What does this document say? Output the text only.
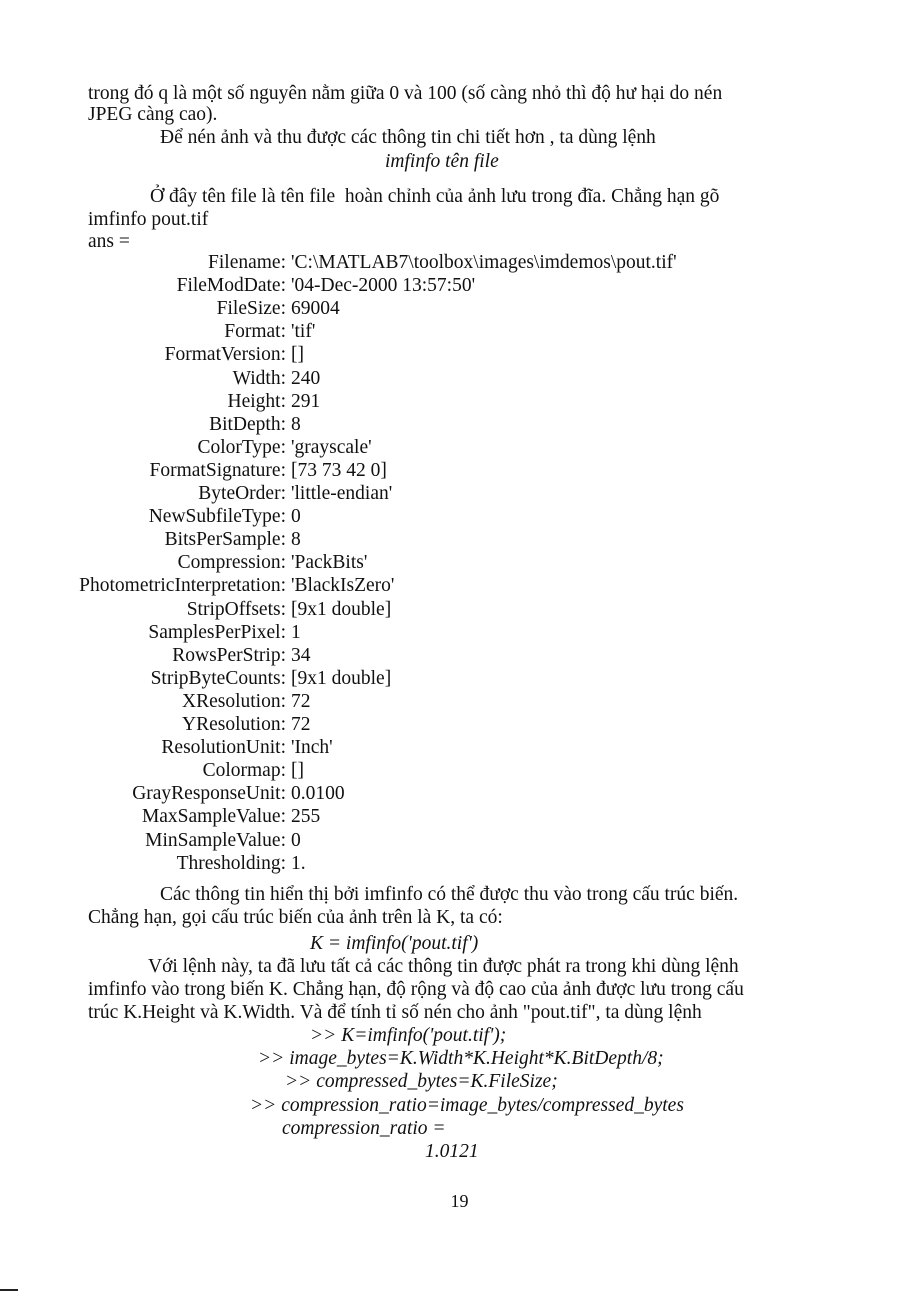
trong đó q là một số nguyên nằm giữa 0 và 100 (số càng nhỏ thì độ hư hại do nén
JPEG càng cao).
Để nén ảnh và thu được các thông tin chi tiết hơn , ta dùng lệnh
imfinfo tên file
Ở đây tên file là tên file  hoàn chỉnh của ảnh lưu trong đĩa. Chẳng hạn gõ
imfinfo pout.tif
ans =
Filename: 'C:\MATLAB7\toolbox\images\imdemos\pout.tif'
FileModDate: '04-Dec-2000 13:57:50'
FileSize: 69004
Format: 'tif'
FormatVersion: []
Width: 240
Height: 291
BitDepth: 8
ColorType: 'grayscale'
FormatSignature: [73 73 42 0]
ByteOrder: 'little-endian'
NewSubfileType: 0
BitsPerSample: 8
Compression: 'PackBits'
PhotometricInterpretation: 'BlackIsZero'
StripOffsets: [9x1 double]
SamplesPerPixel: 1
RowsPerStrip: 34
StripByteCounts: [9x1 double]
XResolution: 72
YResolution: 72
ResolutionUnit: 'Inch'
Colormap: []
GrayResponseUnit: 0.0100
MaxSampleValue: 255
MinSampleValue: 0
Thresholding: 1.
Các thông tin hiển thị bởi imfinfo có thể được thu vào trong cấu trúc biến.
Chẳng hạn, gọi cấu trúc biến của ảnh trên là K, ta có:
K = imfinfo('pout.tif')
Với lệnh này, ta đã lưu tất cả các thông tin được phát ra trong khi dùng lệnh
imfinfo vào trong biến K. Chẳng hạn, độ rộng và độ cao của ảnh được lưu trong cấu
trúc K.Height và K.Width. Và để tính tỉ số nén cho ảnh "pout.tif", ta dùng lệnh
>> K=imfinfo('pout.tif');
>> image_bytes=K.Width*K.Height*K.BitDepth/8;
>> compressed_bytes=K.FileSize;
>> compression_ratio=image_bytes/compressed_bytes
compression_ratio =
1.0121
19
